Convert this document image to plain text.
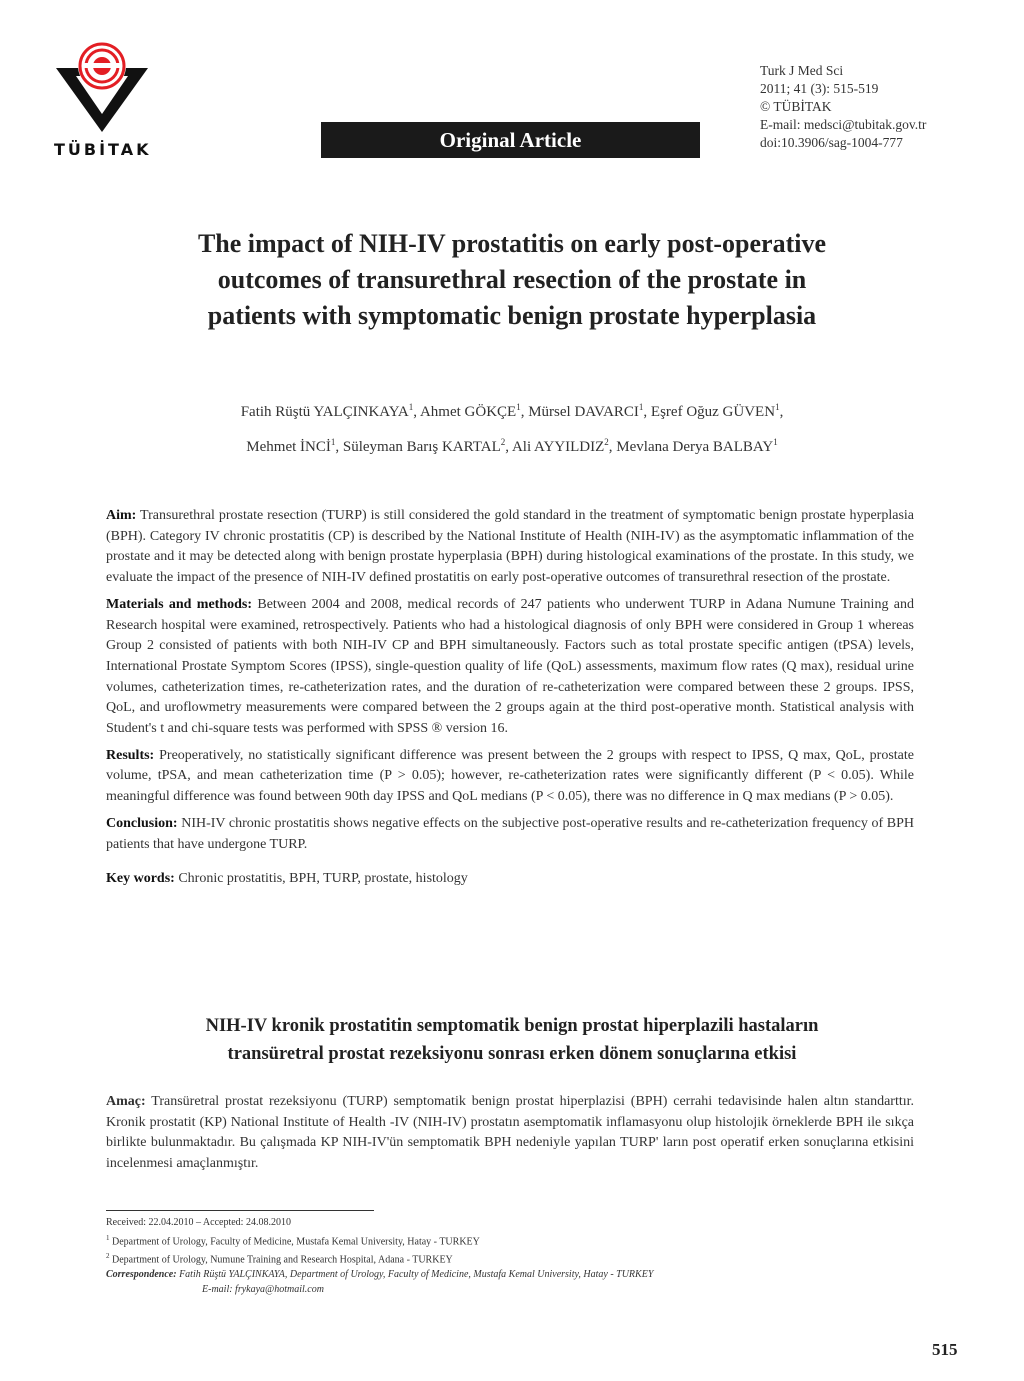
TÜBİTAK	Original Article
Turk J Med Sci
2011; 41 (3): 515-519
© TÜBİTAK
E-mail: medsci@tubitak.gov.tr
doi:10.3906/sag-1004-777
The impact of NIH-IV prostatitis on early post-operative
outcomes of transurethral resection of the prostate in
patients with symptomatic benign prostate hyperplasia
Fatih Rüştü YALÇINKAYA$^1$, Ahmet GÖKÇE$^1$, Mürsel DAVARCI$^1$, Eşref Oğuz GÜVEN$^1$,
Mehmet İNCİ$^1$, Süleyman Barış KARTAL$^2$, Ali AYYILDIZ$^2$, Mevlana Derya BALBAY$^1$

Aim: Transurethral prostate resection (TURP) is still considered the gold standard in the treatment of symptomatic benign prostate hyperplasia (BPH). Category IV chronic prostatitis (CP) is described by the National Institute of Health (NIH-IV) as the asymptomatic inflammation of the prostate and it may be detected along with benign prostate hyperplasia (BPH) during histological examinations of the prostate. In this study, we evaluate the impact of the presence of NIH-IV defined prostatitis on early post-operative outcomes of transurethral resection of the prostate.

Materials and methods: Between 2004 and 2008, medical records of 247 patients who underwent TURP in Adana Numune Training and Research hospital were examined, retrospectively. Patients who had a histological diagnosis of only BPH were considered in Group 1 whereas Group 2 consisted of patients with both NIH-IV CP and BPH simultaneously. Factors such as total prostate specific antigen (tPSA) levels, International Prostate Symptom Scores (IPSS), single-question quality of life (QoL) assessments, maximum flow rates (Q max), residual urine volumes, catheterization times, re-catheterization rates, and the duration of re-catheterization were compared between these 2 groups. IPSS, QoL, and uroflowmetry measurements were compared between the 2 groups again at the third post-operative month. Statistical analysis with Student's t and chi-square tests was performed with SPSS ® version 16.

Results: Preoperatively, no statistically significant difference was present between the 2 groups with respect to IPSS, Q max, QoL, prostate volume, tPSA, and mean catheterization time (P > 0.05); however, re-catheterization rates were significantly different (P < 0.05). While meaningful difference was found between 90th day IPSS and QoL medians (P < 0.05), there was no difference in Q max medians (P > 0.05).

Conclusion: NIH-IV chronic prostatitis shows negative effects on the subjective post-operative results and re-catheterization frequency of BPH patients that have undergone TURP.

Key words: Chronic prostatitis, BPH, TURP, prostate, histology

NIH-IV kronik prostatitin semptomatik benign prostat hiperplazili hastaların
transüretral prostat rezeksiyonu sonrası erken dönem sonuçlarına etkisi

Amaç: Transüretral prostat rezeksiyonu (TURP) semptomatik benign prostat hiperplazisi (BPH) cerrahi tedavisinde halen altın standarttır. Kronik prostatit (KP) National Institute of Health -IV (NIH-IV) prostatın asemptomatik inflamasyonu olup histolojik örneklerde BPH ile sıkça birlikte bulunmaktadır. Bu çalışmada KP NIH-IV'ün semptomatik BPH nedeniyle yapılan TURP' ların post operatif erken sonuçlarına etkisini incelenmesi amaçlanmıştır.

Received: 22.04.2010 – Accepted: 24.08.2010
$^1$ Department of Urology, Faculty of Medicine, Mustafa Kemal University, Hatay - TURKEY
$^2$ Department of Urology, Numune Training and Research Hospital, Adana - TURKEY
Correspondence: Fatih Rüştü YALÇINKAYA, Department of Urology, Faculty of Medicine, Mustafa Kemal University, Hatay - TURKEY
E-mail: frykaya@hotmail.com
515
